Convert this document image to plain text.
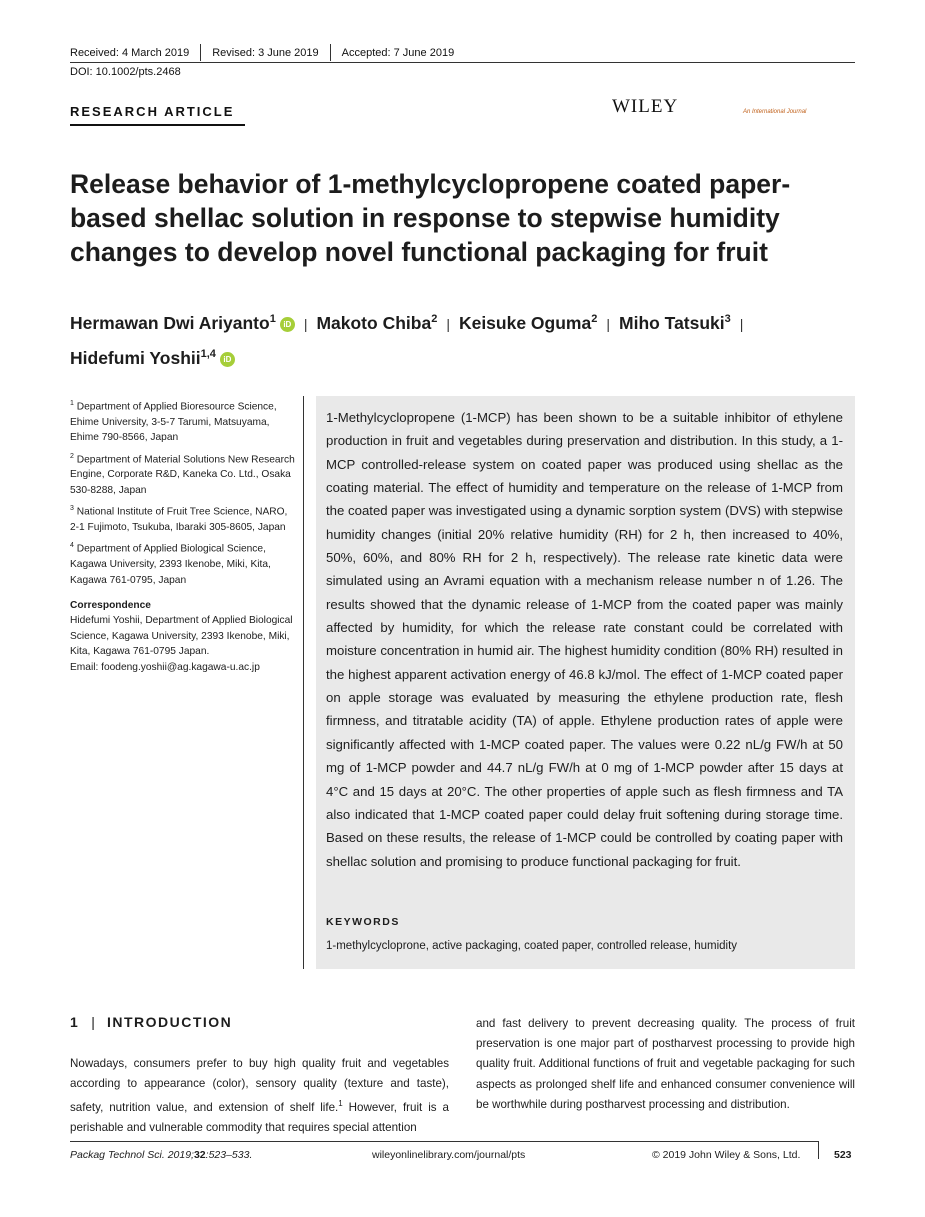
Received: 4 March 2019 Revised: 3 June 2019 Accepted: 7 June 2019
DOI: 10.1002/pts.2468
RESEARCH ARTICLE	WILEY	An International Journal
Release behavior of 1-methylcyclopropene coated paper-based shellac solution in response to stepwise humidity changes to develop novel functional packaging for fruit
Hermawan Dwi Ariyanto$^1$ iD | Makoto Chiba$^2$ | Keisuke Oguma$^2$ | Miho Tatsuki$^3$ |
Hidefumi Yoshii$^{1,4}$ iD
$^1$ Department of Applied Bioresource Science, Ehime University, 3-5-7 Tarumi, Matsuyama, Ehime 790-8566, Japan
$^2$ Department of Material Solutions New Research Engine, Corporate R&D, Kaneka Co. Ltd., Osaka 530-8288, Japan
$^3$ National Institute of Fruit Tree Science, NARO, 2-1 Fujimoto, Tsukuba, Ibaraki 305-8605, Japan
$^4$ Department of Applied Biological Science, Kagawa University, 2393 Ikenobe, Miki, Kita, Kagawa 761-0795, Japan
Correspondence
Hidefumi Yoshii, Department of Applied Biological Science, Kagawa University, 2393 Ikenobe, Miki, Kita, Kagawa 761-0795 Japan.
Email: foodeng.yoshii@ag.kagawa-u.ac.jp
1-Methylcyclopropene (1-MCP) has been shown to be a suitable inhibitor of ethylene production in fruit and vegetables during preservation and distribution. In this study, a 1-MCP controlled-release system on coated paper was produced using shellac as the coating material. The effect of humidity and temperature on the release of 1-MCP from the coated paper was investigated using a dynamic sorption system (DVS) with stepwise humidity changes (initial 20% relative humidity (RH) for 2 h, then increased to 40%, 50%, 60%, and 80% RH for 2 h, respectively). The release rate kinetic data were simulated using an Avrami equation with a mechanism release number n of 1.26. The results showed that the dynamic release of 1-MCP from the coated paper was mainly affected by humidity, for which the release rate constant could be correlated with moisture concentration in humid air. The highest humidity condition (80% RH) resulted in the highest apparent activation energy of 46.8 kJ/mol. The effect of 1-MCP coated paper on apple storage was evaluated by measuring the ethylene production rate, flesh firmness, and titratable acidity (TA) of apple. Ethylene production rates of apple were significantly affected with 1-MCP coated paper. The values were 0.22 nL/g FW/h at 50 mg of 1-MCP powder and 44.7 nL/g FW/h at 0 mg of 1-MCP powder after 15 days at 4°C and 15 days at 20°C. The other properties of apple such as flesh firmness and TA also indicated that 1-MCP coated paper could delay fruit softening during storage time. Based on these results, the release of 1-MCP could be controlled by coating paper with shellac solution and promising to produce functional packaging for fruit.
KEYWORDS
1-methylcycloprone, active packaging, coated paper, controlled release, humidity
1 | INTRODUCTION
Nowadays, consumers prefer to buy high quality fruit and vegetables according to appearance (color), sensory quality (texture and taste), safety, nutrition value, and extension of shelf life.$^1$ However, fruit is a perishable and vulnerable commodity that requires special attention
and fast delivery to prevent decreasing quality. The process of fruit preservation is one major part of postharvest processing to provide high quality fruit. Additional functions of fruit and vegetable packaging for such aspects as prolonged shelf life and enhanced consumer convenience will be worthwhile during postharvest processing and distribution.
Packag Technol Sci. 2019;32:523–533.	wileyonlinelibrary.com/journal/pts	© 2019 John Wiley & Sons, Ltd.	523
